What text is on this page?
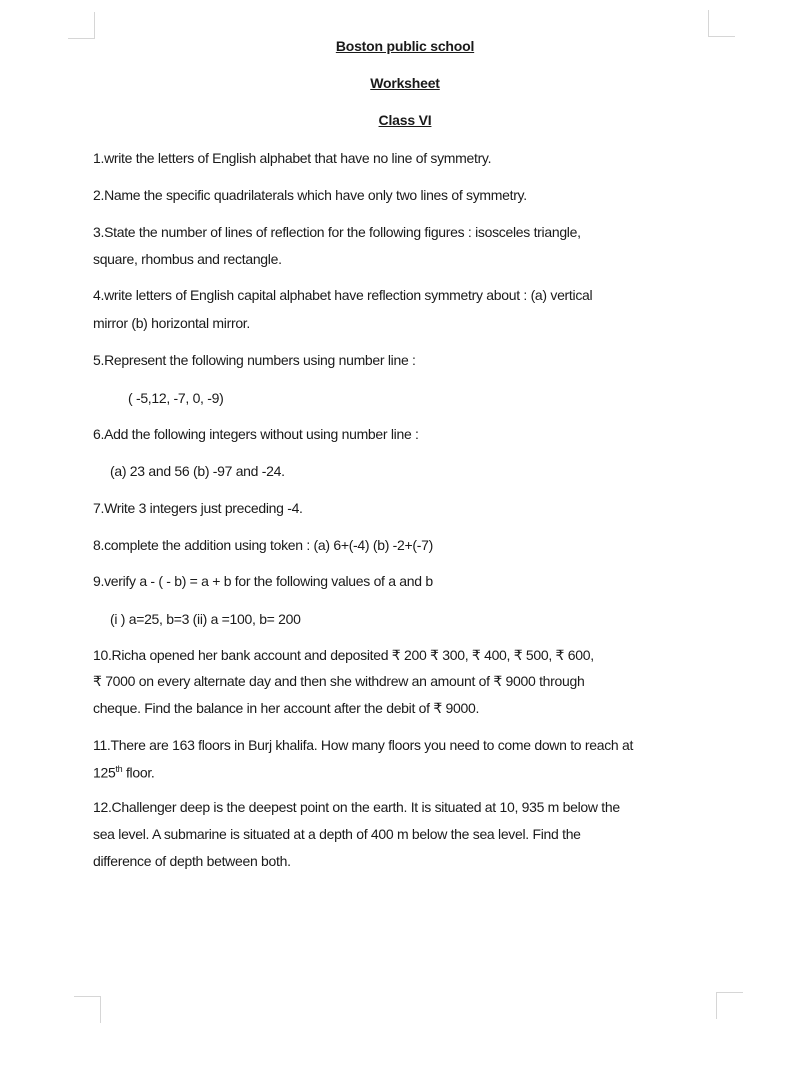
Boston public school
Worksheet
Class VI
1.write the letters of English alphabet that have no line of symmetry.
2.Name the specific quadrilaterals which have only two lines of symmetry.
3.State the number of lines of reflection for the following figures : isosceles triangle,
square, rhombus and rectangle.
4.write letters of English capital alphabet have reflection symmetry about : (a) vertical
mirror (b) horizontal mirror.
5.Represent the following numbers using number line :
( -5,12, -7, 0, -9)
6.Add the following integers without using number line :
(a) 23 and 56 (b) -97 and -24.
7.Write 3 integers just preceding -4.
8.complete the addition using token : (a) 6+(-4) (b) -2+(-7)
9.verify a - ( - b) = a + b for the following values of a and b
(i ) a=25, b=3 (ii) a =100, b= 200
10.Richa opened her bank account and deposited ₹ 200 ₹ 300, ₹ 400, ₹ 500, ₹ 600,
₹ 7000 on every alternate day and then she withdrew an amount of ₹ 9000 through
cheque. Find the balance in her account after the debit of ₹ 9000.
11.There are 163 floors in Burj khalifa. How many floors you need to come down to reach at
125th floor.
12.Challenger deep is the deepest point on the earth. It is situated at 10, 935 m below the
sea level. A submarine is situated at a depth of 400 m below the sea level. Find the
difference of depth between both.
